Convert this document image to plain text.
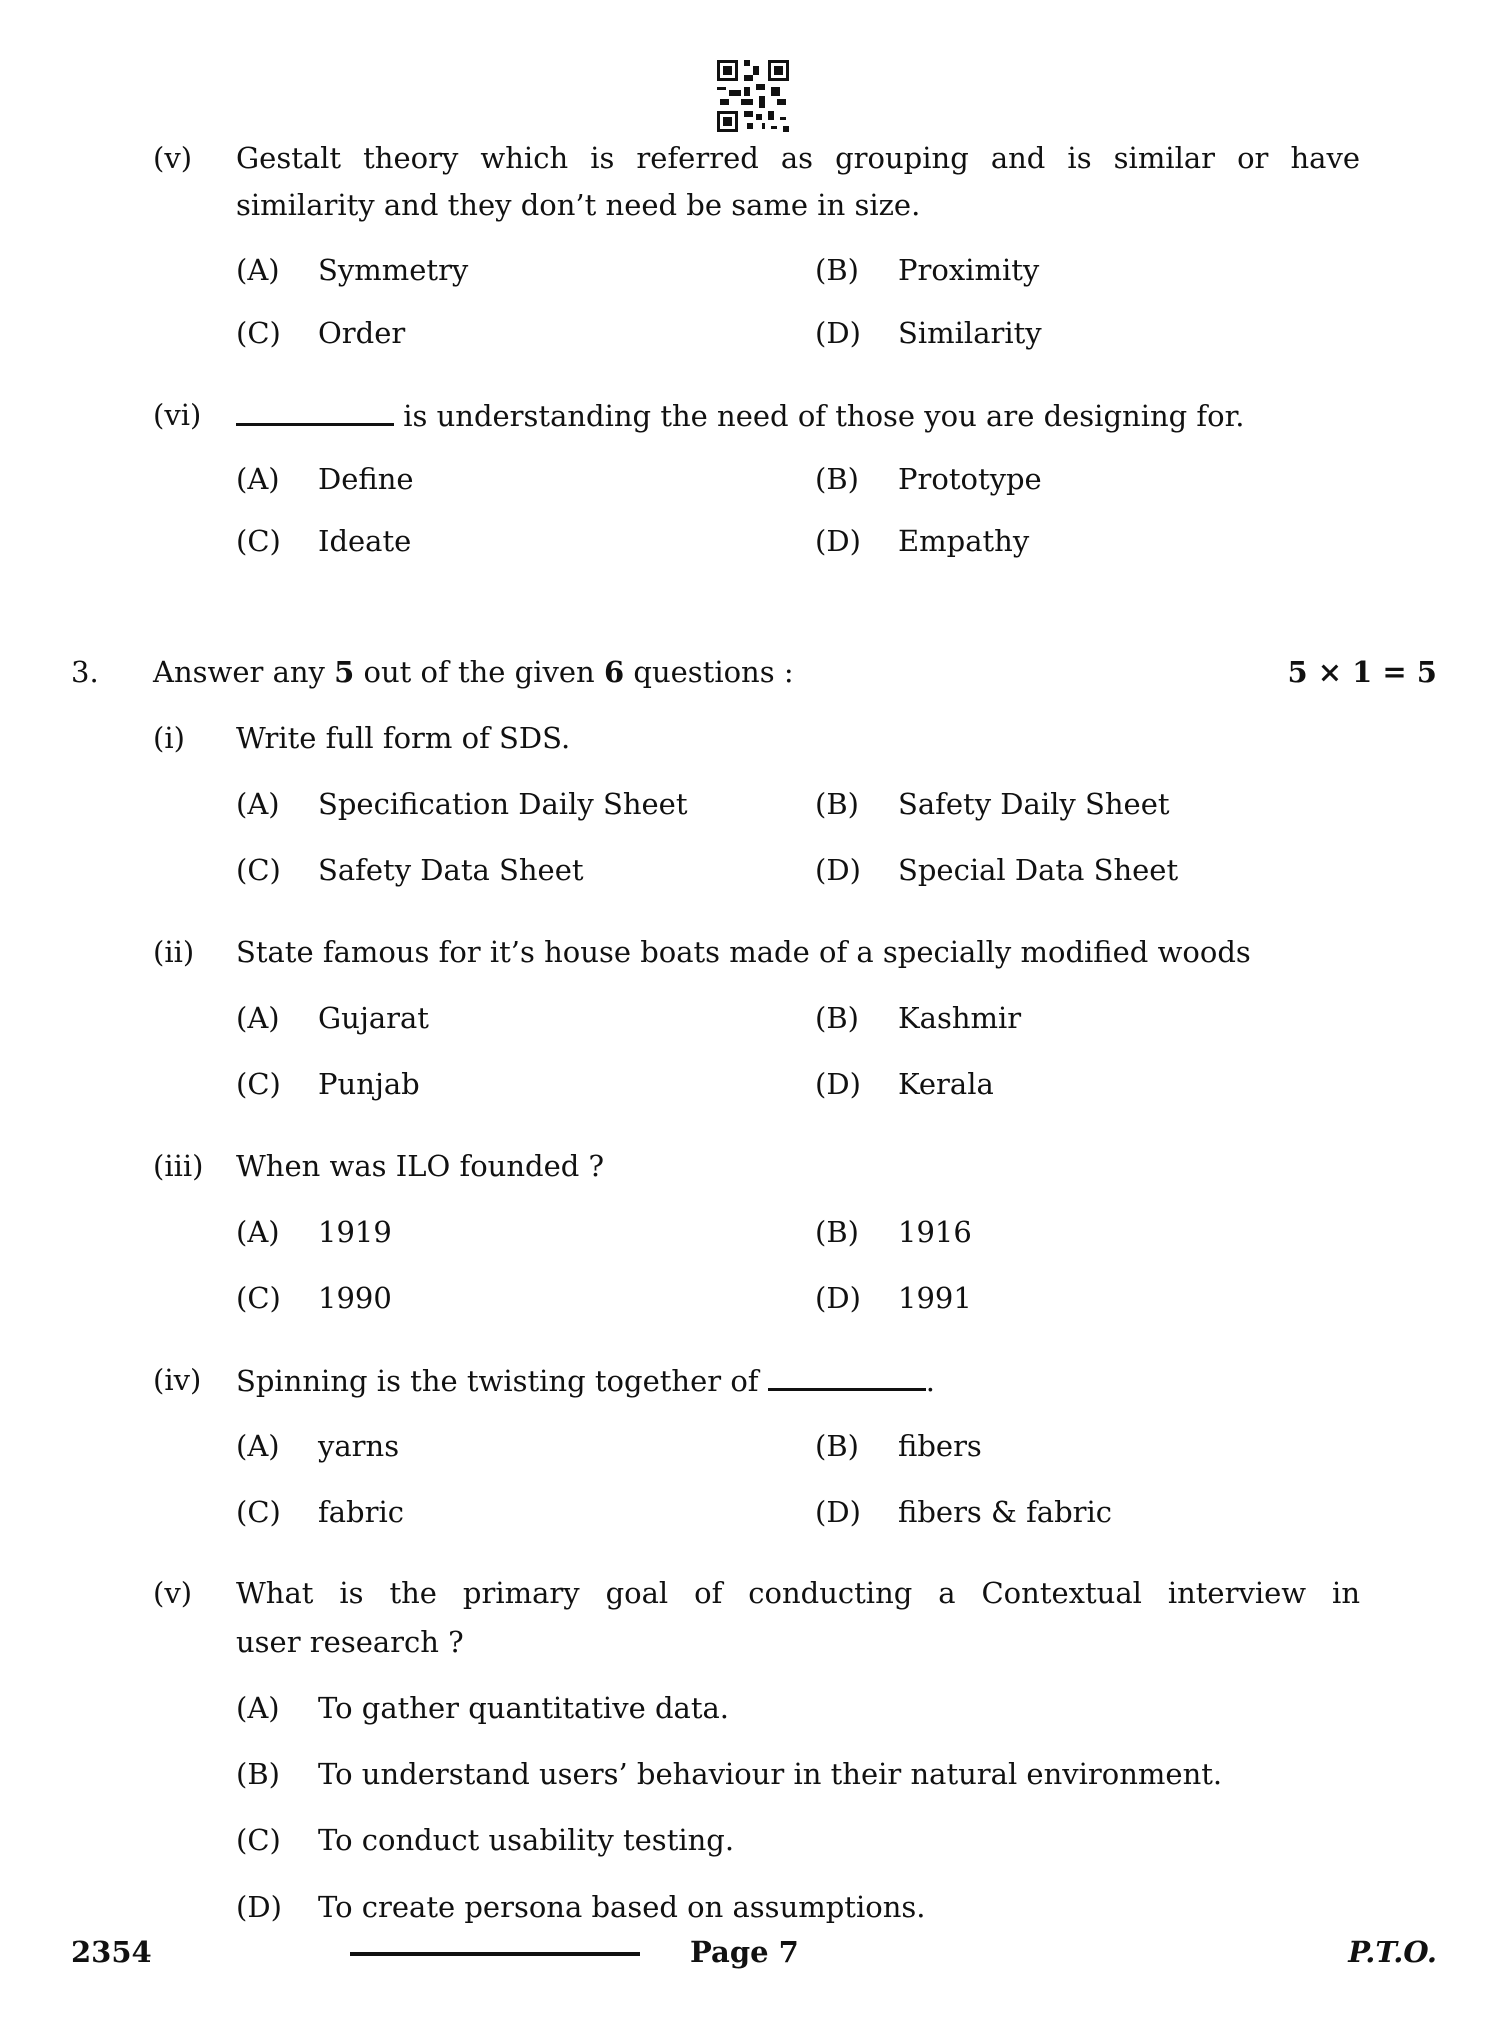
(v) Gestalt theory which is referred as grouping and is similar or have
similarity and they don’t need be same in size.
(A) Symmetry	(B) Proximity
(C) Order	(D) Similarity
(vi)	is understanding the need of those you are designing for.
(A) Define	(B) Prototype
(C) Ideate	(D) Empathy
3. Answer any 5 out of the given 6 questions :	5 × 1 = 5
(i) Write full form of SDS.
(A) Specification Daily Sheet	(B) Safety Daily Sheet
(C) Safety Data Sheet	(D) Special Data Sheet
(ii) State famous for it’s house boats made of a specially modified woods
(A) Gujarat	(B) Kashmir
(C) Punjab	(D) Kerala
(iii) When was ILO founded ?
(A) 1919	(B) 1916
(C) 1990	(D) 1991
(iv) Spinning is the twisting together of	.
(A) yarns	(B) fibers
(C) fabric	(D) fibers & fabric
(v) What is the primary goal of conducting a Contextual interview in
user research ?
(A) To gather quantitative data.
(B) To understand users’ behaviour in their natural environment.
(C) To conduct usability testing.
(D) To create persona based on assumptions.
2354	Page 7	P.T.O.
